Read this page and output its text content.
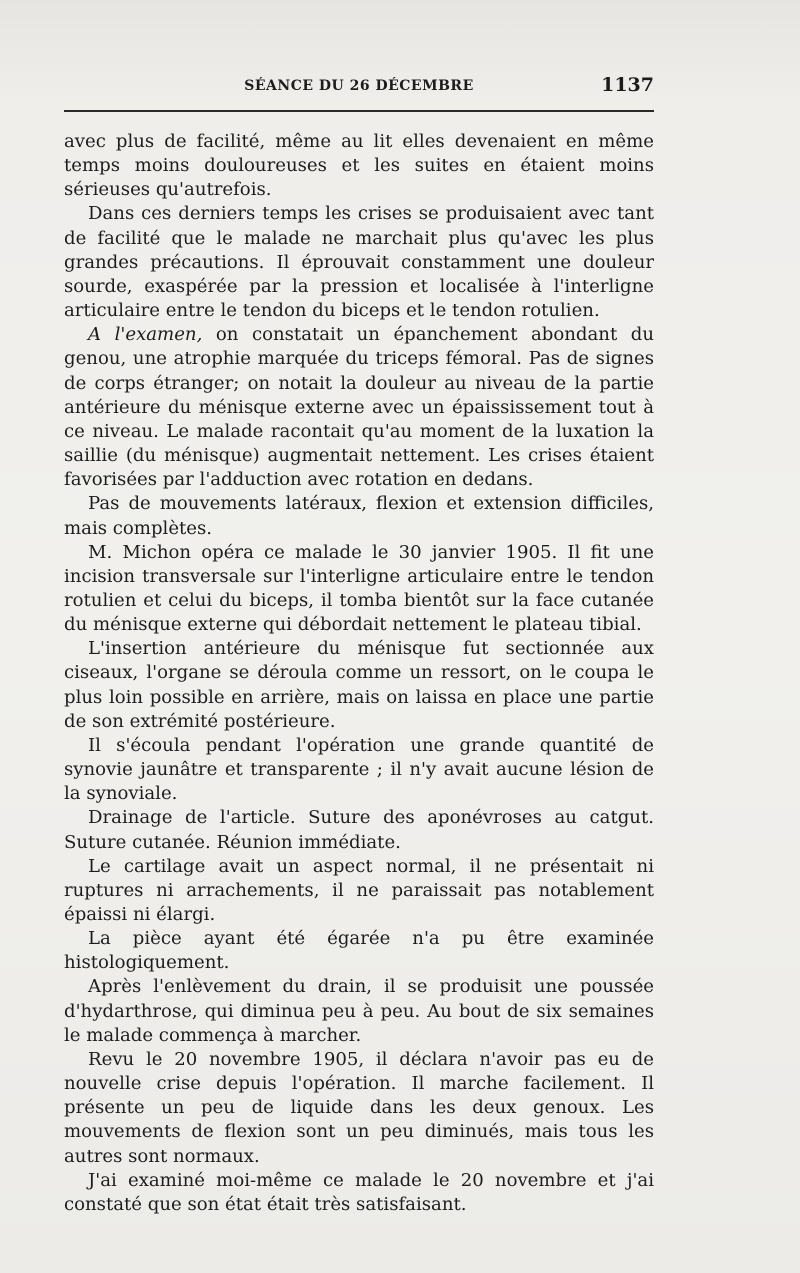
SÉANCE DU 26 DÉCEMBRE	1137

avec plus de facilité, même au lit elles devenaient en même temps moins douloureuses et les suites en étaient moins sérieuses qu'autrefois.

Dans ces derniers temps les crises se produisaient avec tant de facilité que le malade ne marchait plus qu'avec les plus grandes précautions. Il éprouvait constamment une douleur sourde, exaspérée par la pression et localisée à l'interligne articulaire entre le tendon du biceps et le tendon rotulien.

A l'examen, on constatait un épanchement abondant du genou, une atrophie marquée du triceps fémoral. Pas de signes de corps étranger; on notait la douleur au niveau de la partie antérieure du ménisque externe avec un épaississement tout à ce niveau. Le malade racontait qu'au moment de la luxation la saillie (du ménisque) augmentait nettement. Les crises étaient favorisées par l'adduction avec rotation en dedans.

Pas de mouvements latéraux, flexion et extension difficiles, mais complètes.

M. Michon opéra ce malade le 30 janvier 1905. Il fit une incision transversale sur l'interligne articulaire entre le tendon rotulien et celui du biceps, il tomba bientôt sur la face cutanée du ménisque externe qui débordait nettement le plateau tibial.

L'insertion antérieure du ménisque fut sectionnée aux ciseaux, l'organe se déroula comme un ressort, on le coupa le plus loin possible en arrière, mais on laissa en place une partie de son extrémité postérieure.

Il s'écoula pendant l'opération une grande quantité de synovie jaunâtre et transparente ; il n'y avait aucune lésion de la synoviale.

Drainage de l'article. Suture des aponévroses au catgut. Suture cutanée. Réunion immédiate.

Le cartilage avait un aspect normal, il ne présentait ni ruptures ni arrachements, il ne paraissait pas notablement épaissi ni élargi.

La pièce ayant été égarée n'a pu être examinée histologiquement.

Après l'enlèvement du drain, il se produisit une poussée d'hydarthrose, qui diminua peu à peu. Au bout de six semaines le malade commença à marcher.

Revu le 20 novembre 1905, il déclara n'avoir pas eu de nouvelle crise depuis l'opération. Il marche facilement. Il présente un peu de liquide dans les deux genoux. Les mouvements de flexion sont un peu diminués, mais tous les autres sont normaux.

J'ai examiné moi-même ce malade le 20 novembre et j'ai constaté que son état était très satisfaisant.
